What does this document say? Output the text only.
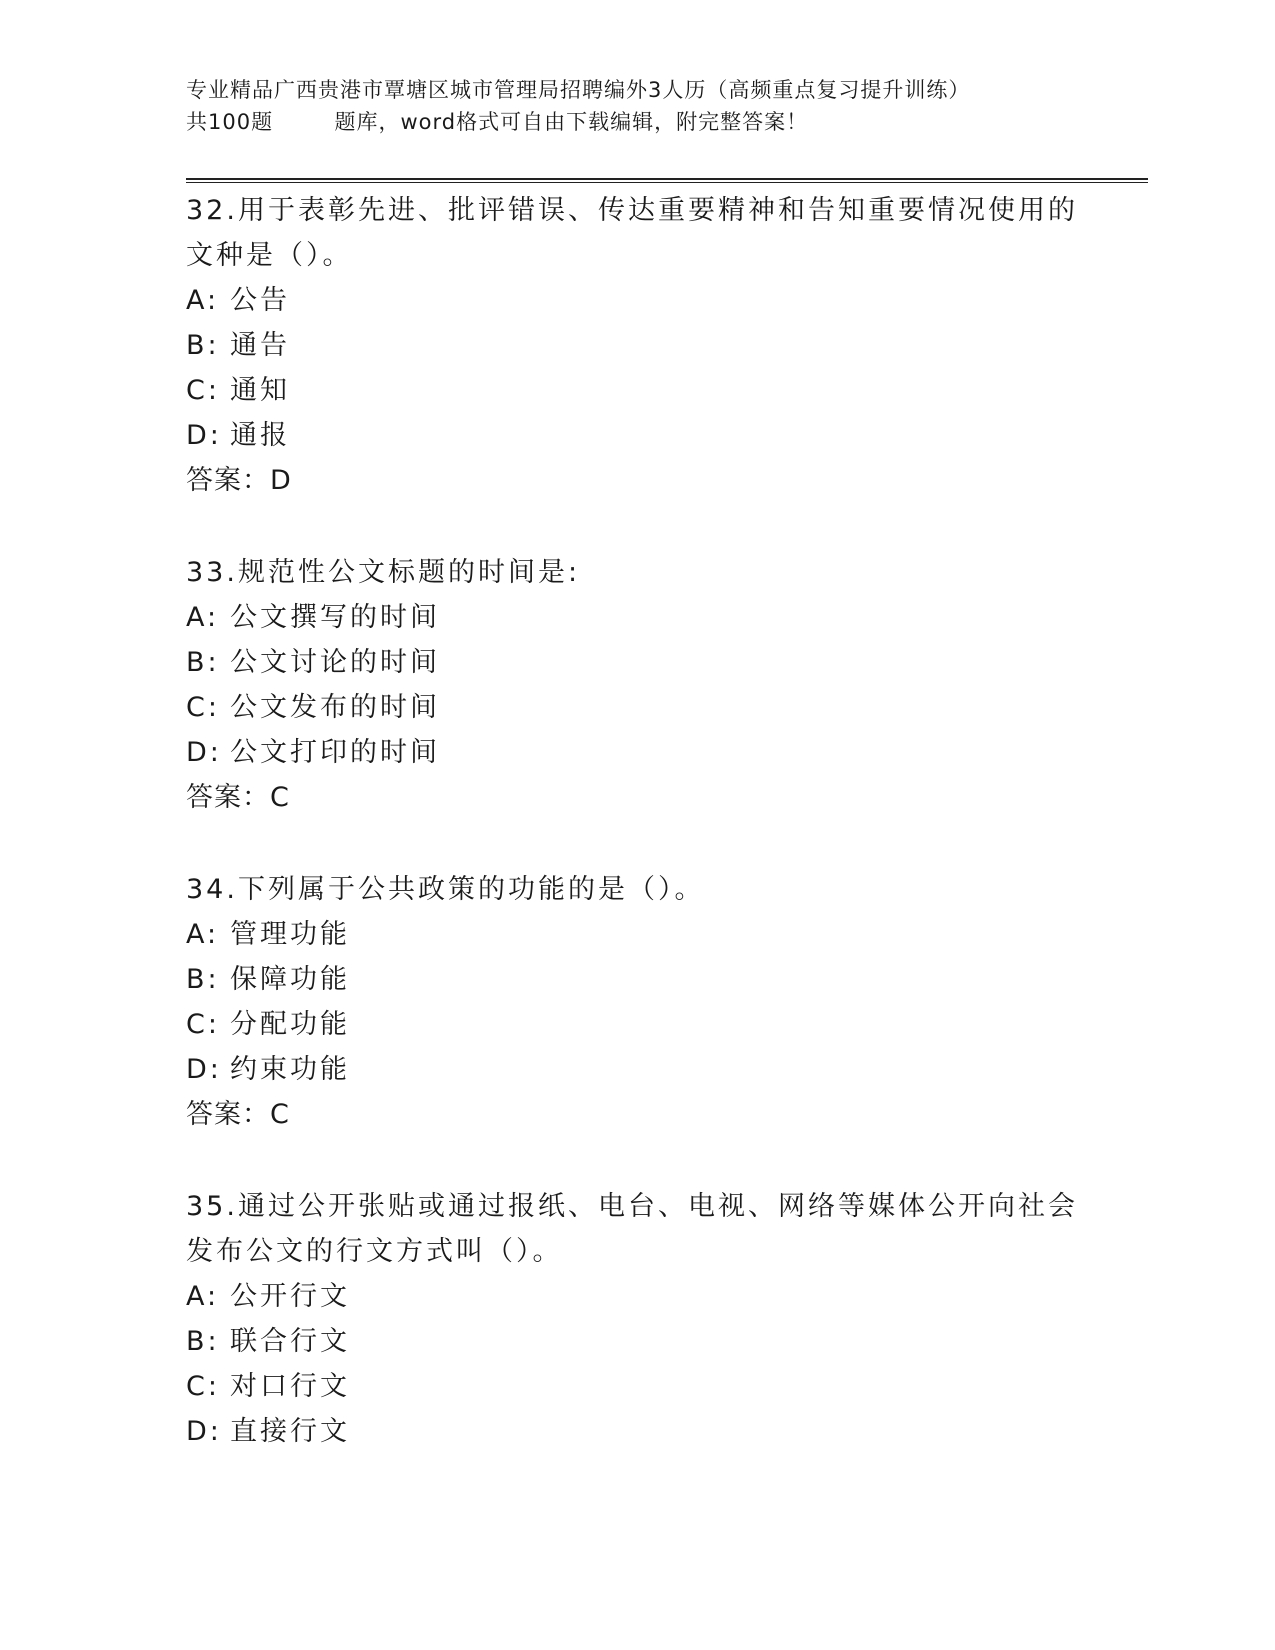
专业精品广西贵港市覃塘区城市管理局招聘编外3人历（高频重点复习提升训练）
共100题        题库，word格式可自由下载编辑，附完整答案！
32.用于表彰先进、批评错误、传达重要精神和告知重要情况使用的文种是（）。
A: 公告
B: 通告
C: 通知
D: 通报
答案：D
33.规范性公文标题的时间是:
A: 公文撰写的时间
B: 公文讨论的时间
C: 公文发布的时间
D: 公文打印的时间
答案：C
34.下列属于公共政策的功能的是（）。
A: 管理功能
B: 保障功能
C: 分配功能
D: 约束功能
答案：C
35.通过公开张贴或通过报纸、电台、电视、网络等媒体公开向社会发布公文的行文方式叫（）。
A: 公开行文
B: 联合行文
C: 对口行文
D: 直接行文
